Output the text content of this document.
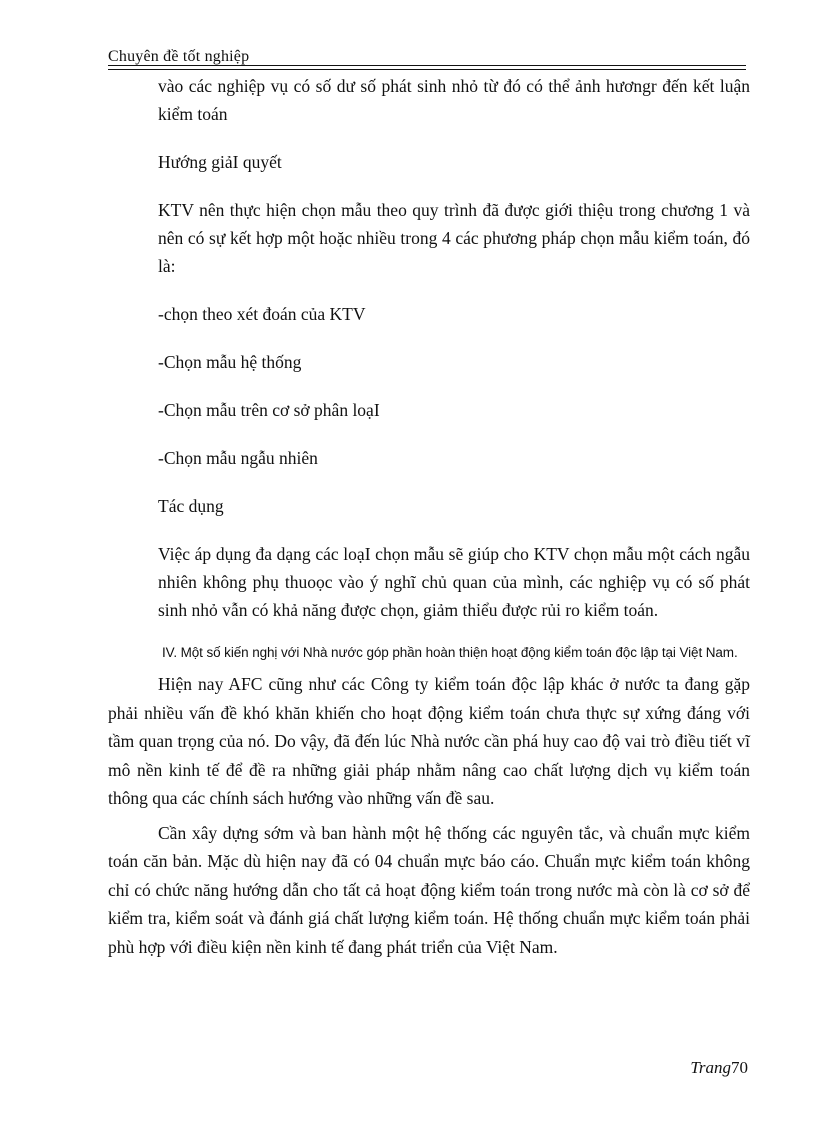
Chuyên đề tốt nghiệp
vào các nghiệp vụ có số dư số phát sinh nhỏ từ đó có thể ảnh hươngr đến kết luận kiểm toán
Hướng giảI quyết
KTV nên thực hiện chọn mẫu theo quy trình đã được giới thiệu trong chương 1 và nên có sự kết hợp một hoặc nhiều trong 4 các phương pháp chọn mẫu kiểm toán, đó là:
-chọn theo xét đoán của KTV
-Chọn mẫu hệ thống
-Chọn mẫu trên cơ sở phân loạI
-Chọn mẫu ngẫu nhiên
Tác dụng
Việc áp dụng đa dạng các loạI chọn mẫu sẽ giúp cho KTV chọn mẫu một cách ngẫu nhiên không phụ thuoọc vào ý nghĩ chủ quan của mình, các nghiệp vụ có số phát sinh nhỏ vẫn có khả năng được chọn, giảm thiểu được rủi ro kiểm toán.
IV. Một số kiến nghị với Nhà nước góp phần hoàn thiện hoạt động kiểm toán độc lập tại Việt Nam.
Hiện nay AFC cũng như các Công ty kiểm toán độc lập khác ở nước ta đang gặp phải nhiều vấn đề khó khăn khiến cho hoạt động kiểm toán chưa thực sự xứng đáng với tầm quan trọng của nó. Do vậy, đã đến lúc Nhà nước cần phá huy cao độ vai trò điều tiết vĩ mô nền kinh tế để đề ra những giải pháp nhằm nâng cao chất lượng dịch vụ kiểm toán thông qua các chính sách hướng vào những vấn đề sau.
Cần xây dựng sớm và ban hành một hệ thống các nguyên tắc, và chuẩn mực kiểm toán căn bản. Mặc dù hiện nay đã có 04 chuẩn mực báo cáo. Chuẩn mực kiểm toán không chỉ có chức năng hướng dẫn cho tất cả hoạt động kiểm toán trong nước mà còn là cơ sở để kiểm tra, kiểm soát và đánh giá chất lượng kiểm toán. Hệ thống chuẩn mực kiểm toán phải phù hợp với điều kiện nền kinh tế đang phát triển của Việt Nam.
Trang70
